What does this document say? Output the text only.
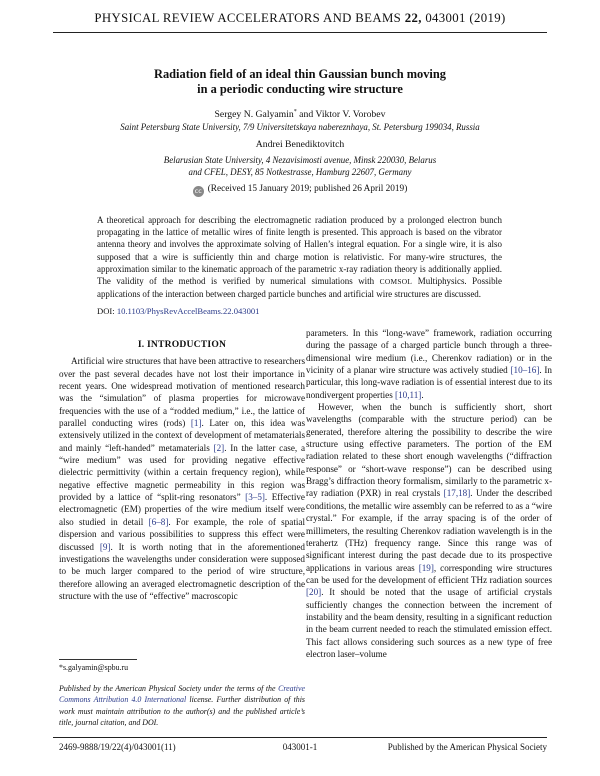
PHYSICAL REVIEW ACCELERATORS AND BEAMS 22, 043001 (2019)
Radiation field of an ideal thin Gaussian bunch moving
in a periodic conducting wire structure
Sergey N. Galyamin* and Viktor V. Vorobev
Saint Petersburg State University, 7/9 Universitetskaya nabereznhaya, St. Petersburg 199034, Russia
Andrei Benediktovitch
Belarusian State University, 4 Nezavisimosti avenue, Minsk 220030, Belarus
and CFEL, DESY, 85 Notkestrasse, Hamburg 22607, Germany
cc (Received 15 January 2019; published 26 April 2019)
A theoretical approach for describing the electromagnetic radiation produced by a prolonged electron bunch propagating in the lattice of metallic wires of finite length is presented. This approach is based on the vibrator antenna theory and involves the approximate solving of Hallen’s integral equation. For a single wire, it is also supposed that a wire is sufficiently thin and charge motion is relativistic. For many-wire structures, the approximation similar to the kinematic approach of the parametric x-ray radiation theory is additionally applied. The validity of the method is verified by numerical simulations with COMSOL Multiphysics. Possible applications of the interaction between charged particle bunches and artificial wire structures are discussed.
DOI: 10.1103/PhysRevAccelBeams.22.043001

I. INTRODUCTION

Artificial wire structures that have been attractive to researchers over the past several decades have not lost their importance in recent years. One widespread motivation of mentioned research was the “simulation” of plasma properties for microwave frequencies with the use of a “rodded medium,” i.e., the lattice of parallel conducting wires (rods) [1]. Later on, this idea was extensively utilized in the context of development of metamaterials and mainly “left-handed” metamaterials [2]. In the latter case, a “wire medium” was used for providing negative effective dielectric permittivity (within a certain frequency region), while negative effective magnetic permeability in this region was provided by a lattice of “split-ring resonators” [3–5]. Effective electromagnetic (EM) properties of the wire medium itself were also studied in detail [6–8]. For example, the role of spatial dispersion and various possibilities to suppress this effect were discussed [9]. It is worth noting that in the aforementioned investigations the wavelengths under consideration were supposed to be much larger compared to the period of wire structure, therefore allowing an averaged electromagnetic description of the structure with the use of “effective” macroscopic

parameters. In this “long-wave” framework, radiation occurring during the passage of a charged particle bunch through a three-dimensional wire medium (i.e., Cherenkov radiation) or in the vicinity of a planar wire structure was actively studied [10–16]. In particular, this long-wave radiation is of essential interest due to its nondivergent properties [10,11].

However, when the bunch is sufficiently short, short wavelengths (comparable with the structure period) can be generated, therefore altering the possibility to describe the wire structure using effective parameters. The portion of the EM radiation related to these short enough wavelengths (“diffraction response” or “short-wave response”) can be described using Bragg’s diffraction theory formalism, similarly to the parametric x-ray radiation (PXR) in real crystals [17,18]. Under the described conditions, the metallic wire assembly can be referred to as a “wire crystal.” For example, if the array spacing is of the order of millimeters, the resulting Cherenkov radiation wavelength is in the terahertz (THz) frequency range. Since this range was of significant interest during the past decade due to its prospective applications in various areas [19], corresponding wire structures can be used for the development of efficient THz radiation sources [20]. It should be noted that the usage of artificial crystals sufficiently changes the connection between the increment of instability and the beam density, resulting in a significant reduction in the beam current needed to reach the stimulated emission effect. This fact allows considering such sources as a new type of free electron laser–volume

*s.galyamin@spbu.ru
Published by the American Physical Society under the terms of the Creative Commons Attribution 4.0 International license. Further distribution of this work must maintain attribution to the author(s) and the published article’s title, journal citation, and DOI.
2469-9888/19/22(4)/043001(11)	043001-1	Published by the American Physical Society
